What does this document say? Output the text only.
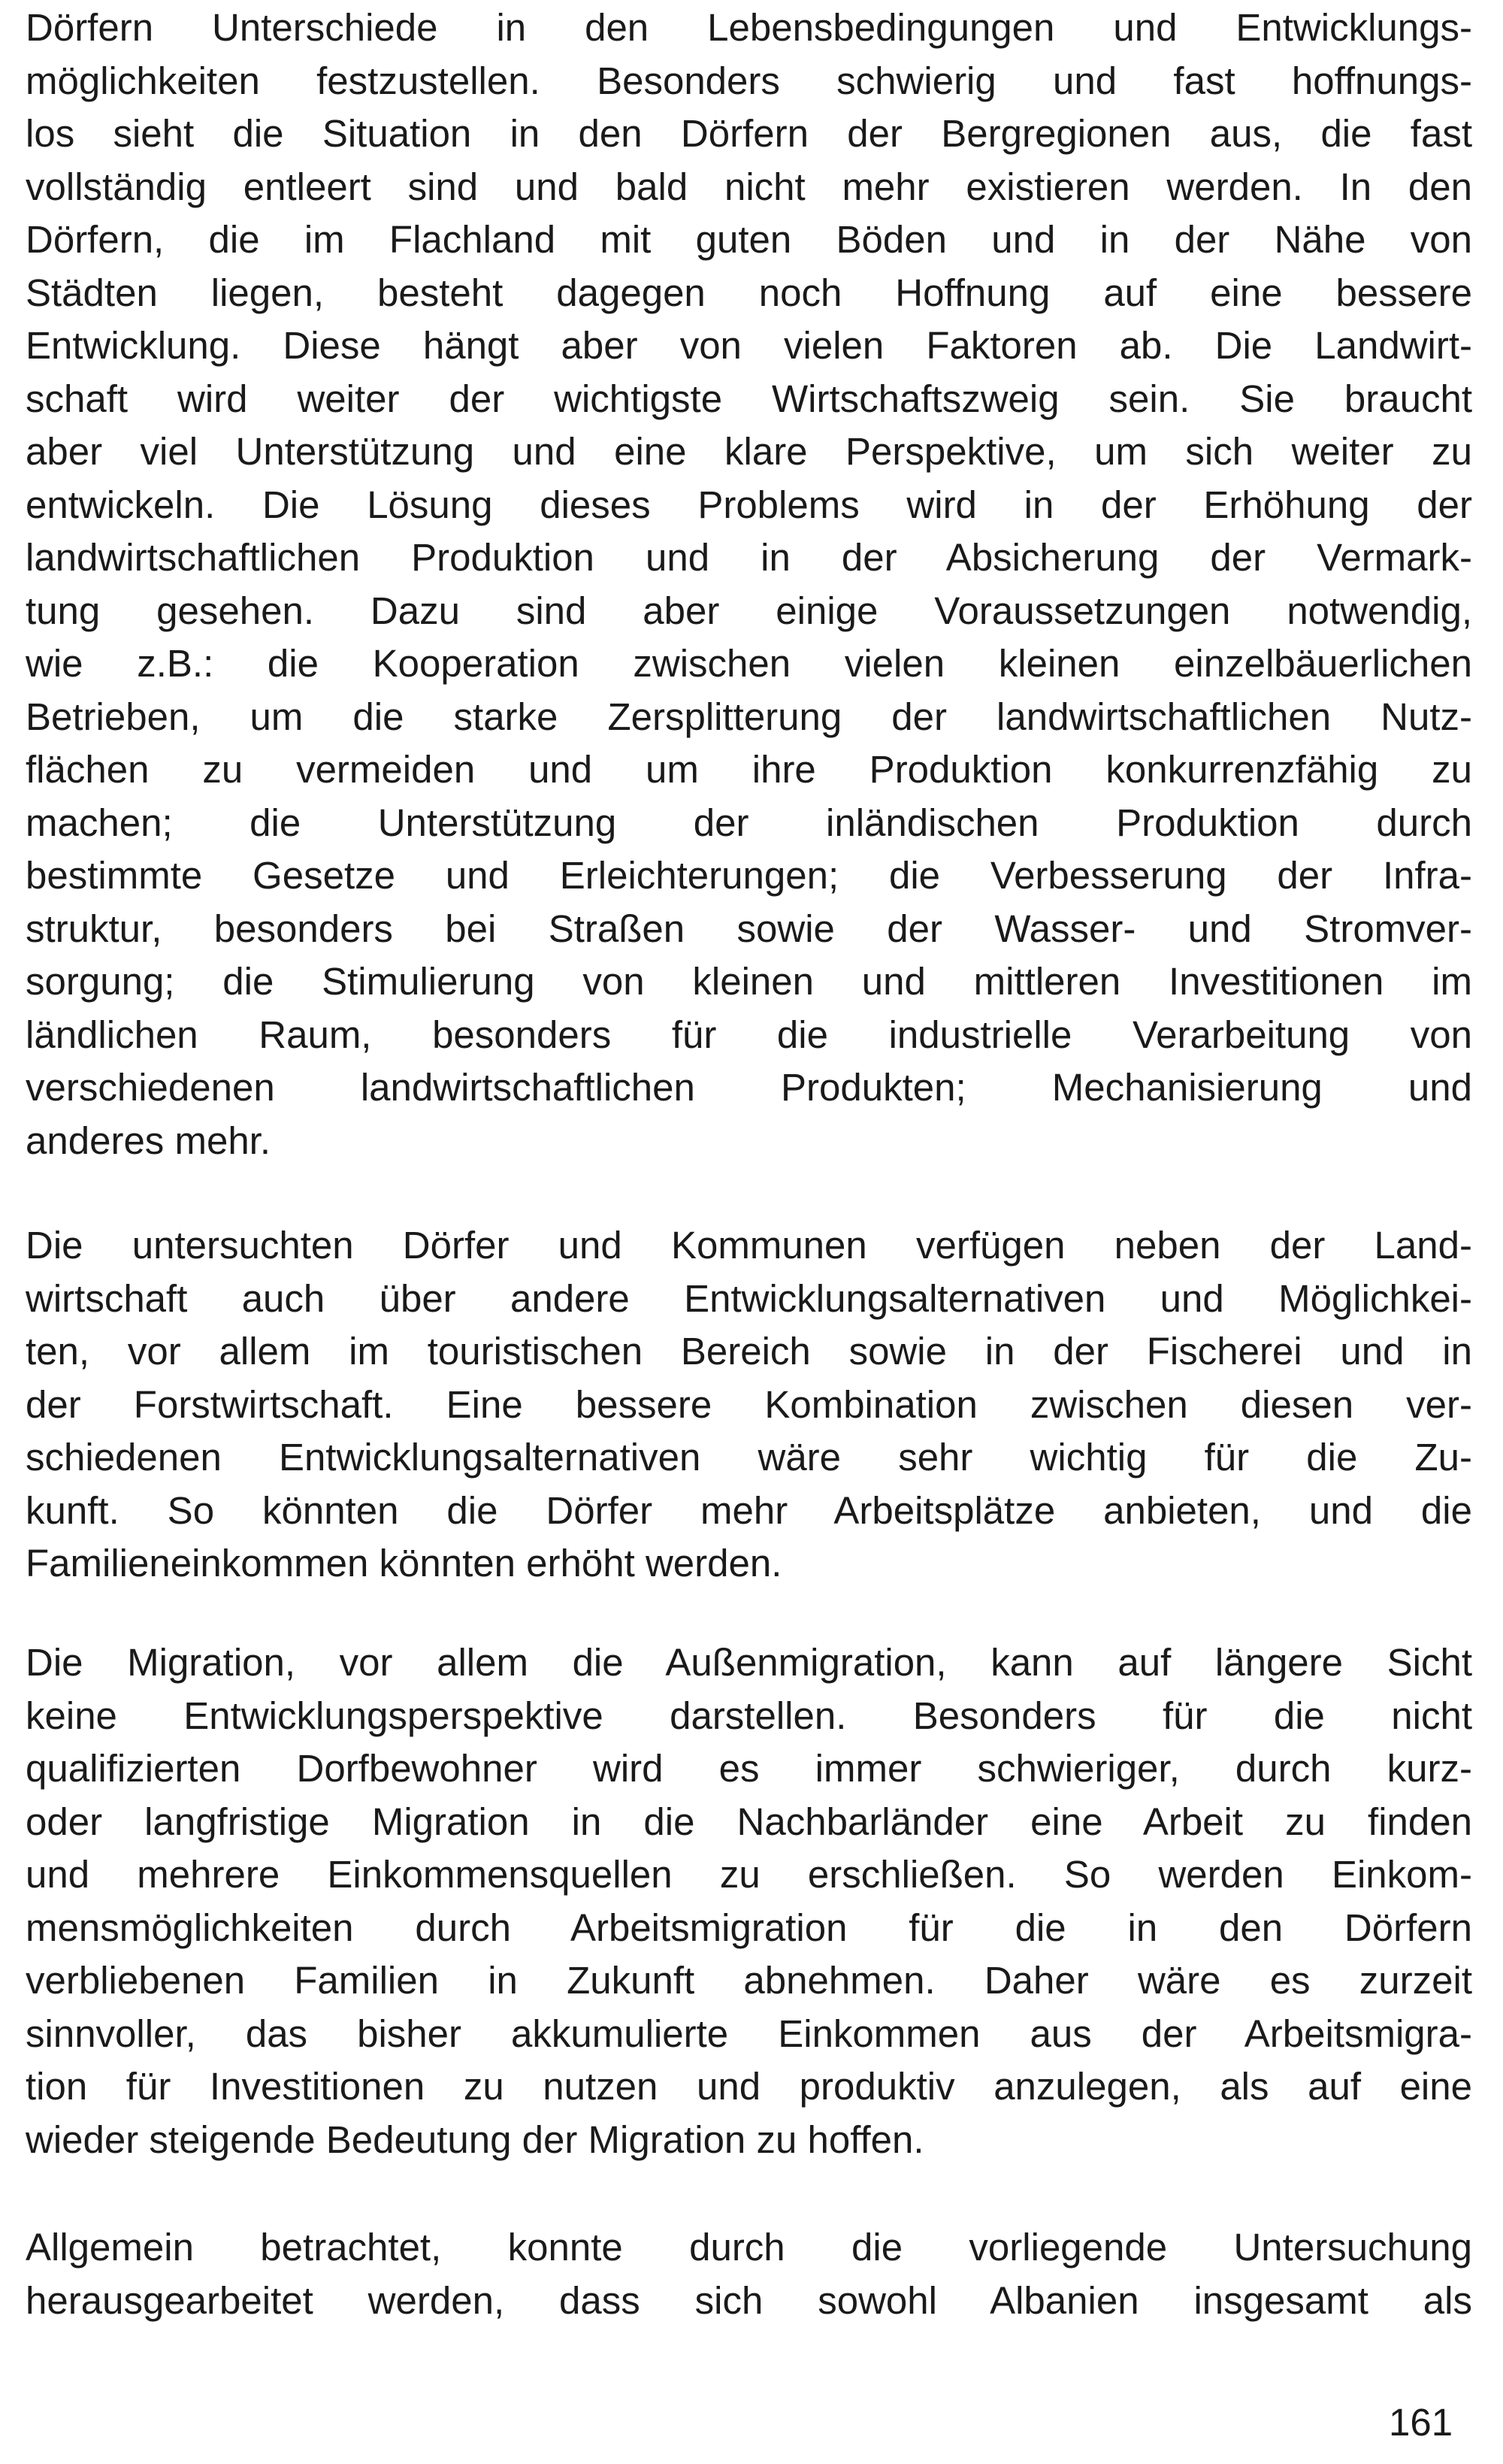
Dörfern Unterschiede in den Lebensbedingungen und Entwicklungs-
möglichkeiten festzustellen. Besonders schwierig und fast hoffnungs-
los sieht die Situation in den Dörfern der Bergregionen aus, die fast
vollständig entleert sind und bald nicht mehr existieren werden. In den
Dörfern, die im Flachland mit guten Böden und in der Nähe von
Städten liegen, besteht dagegen noch Hoffnung auf eine bessere
Entwicklung. Diese hängt aber von vielen Faktoren ab. Die Landwirt-
schaft wird weiter der wichtigste Wirtschaftszweig sein. Sie braucht
aber viel Unterstützung und eine klare Perspektive, um sich weiter zu
entwickeln. Die Lösung dieses Problems wird in der Erhöhung der
landwirtschaftlichen Produktion und in der Absicherung der Vermark-
tung gesehen. Dazu sind aber einige Voraussetzungen notwendig,
wie z.B.: die Kooperation zwischen vielen kleinen einzelbäuerlichen
Betrieben, um die starke Zersplitterung der landwirtschaftlichen Nutz-
flächen zu vermeiden und um ihre Produktion konkurrenzfähig zu
machen; die Unterstützung der inländischen Produktion durch
bestimmte Gesetze und Erleichterungen; die Verbesserung der Infra-
struktur, besonders bei Straßen sowie der Wasser- und Stromver-
sorgung; die Stimulierung von kleinen und mittleren Investitionen im
ländlichen Raum, besonders für die industrielle Verarbeitung von
verschiedenen landwirtschaftlichen Produkten; Mechanisierung und
anderes mehr.
Die untersuchten Dörfer und Kommunen verfügen neben der Land-
wirtschaft auch über andere Entwicklungsalternativen und Möglichkei-
ten, vor allem im touristischen Bereich sowie in der Fischerei und in
der Forstwirtschaft. Eine bessere Kombination zwischen diesen ver-
schiedenen Entwicklungsalternativen wäre sehr wichtig für die Zu-
kunft. So könnten die Dörfer mehr Arbeitsplätze anbieten, und die
Familieneinkommen könnten erhöht werden.
Die Migration, vor allem die Außenmigration, kann auf längere Sicht
keine Entwicklungsperspektive darstellen. Besonders für die nicht
qualifizierten Dorfbewohner wird es immer schwieriger, durch kurz-
oder langfristige Migration in die Nachbarländer eine Arbeit zu finden
und mehrere Einkommensquellen zu erschließen. So werden Einkom-
mensmöglichkeiten durch Arbeitsmigration für die in den Dörfern
verbliebenen Familien in Zukunft abnehmen. Daher wäre es zurzeit
sinnvoller, das bisher akkumulierte Einkommen aus der Arbeitsmigra-
tion für Investitionen zu nutzen und produktiv anzulegen, als auf eine
wieder steigende Bedeutung der Migration zu hoffen.
Allgemein betrachtet, konnte durch die vorliegende Untersuchung
herausgearbeitet werden, dass sich sowohl Albanien insgesamt als
161
